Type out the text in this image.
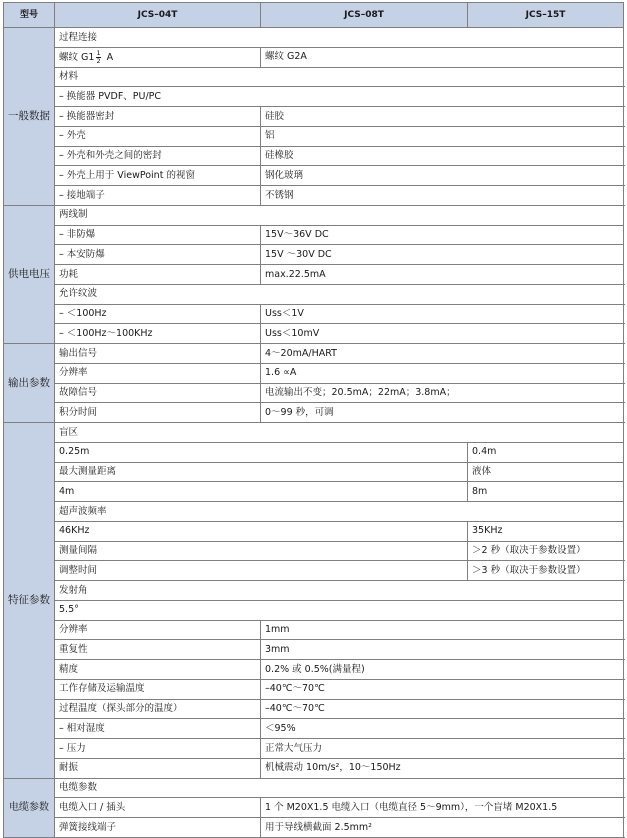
型号	JCS–04T	JCS–08T	JCS–15T	
一般数据	过程连接			
	螺纹 $G1 \frac{1}{2}$ A	螺纹 G2A	
	材料			
	– 换能器 PVDF、PU/PC			
	– 换能器密封	硅胶		
	– 外壳	铝		
	– 外壳和外壳之间的密封	硅橡胶		
	– 外壳上用于 ViewPoint 的视窗	钢化玻璃		
	– 接地端子	不锈钢		
供电电压	两线制			
	– 非防爆	15V～36V DC	
	– 本安防爆	15V ～30V DC		
	功耗	max.22.5mA		
	允许纹波			
	– ＜100Hz	Uss＜1V		
	– ＜100Hz～100KHz	Uss＜10mV		
输出参数	输出信号	4～20mA/HART		
	分辨率	1.6 ∝A		
	故障信号	电流输出不变；20.5mA；22mA；3.8mA；		
	积分时间	0～99 秒，可调		
特征参数	盲区			
	0.25m		0.4m	
	最大测量距离		液体	
	4m		8m	
	超声波频率			
	46KHz		35KHz	
	测量间隔		＞2 秒（取决于参数设置）	
	调整时间		＞3 秒（取决于参数设置）	
	发射角			
	5.5°	
	分辨率	1mm		
	重复性	3mm		
	精度	0.2% 或 0.5%(满量程)		
	工作存储及运输温度	–40℃～70℃		
	过程温度（探头部分的温度）	–40℃～70℃		
	– 相对湿度	＜95%		
	– 压力	正常大气压力		
	耐振	机械震动 10m/s²，10～150Hz		
电缆参数	电缆参数			
	电缆入口 / 插头	1 个 M20X1.5 电缆入口（电缆直径 5～9mm），一个盲堵 M20X1.5		
	弹簧接线端子	用于导线横截面 2.5mm²		
